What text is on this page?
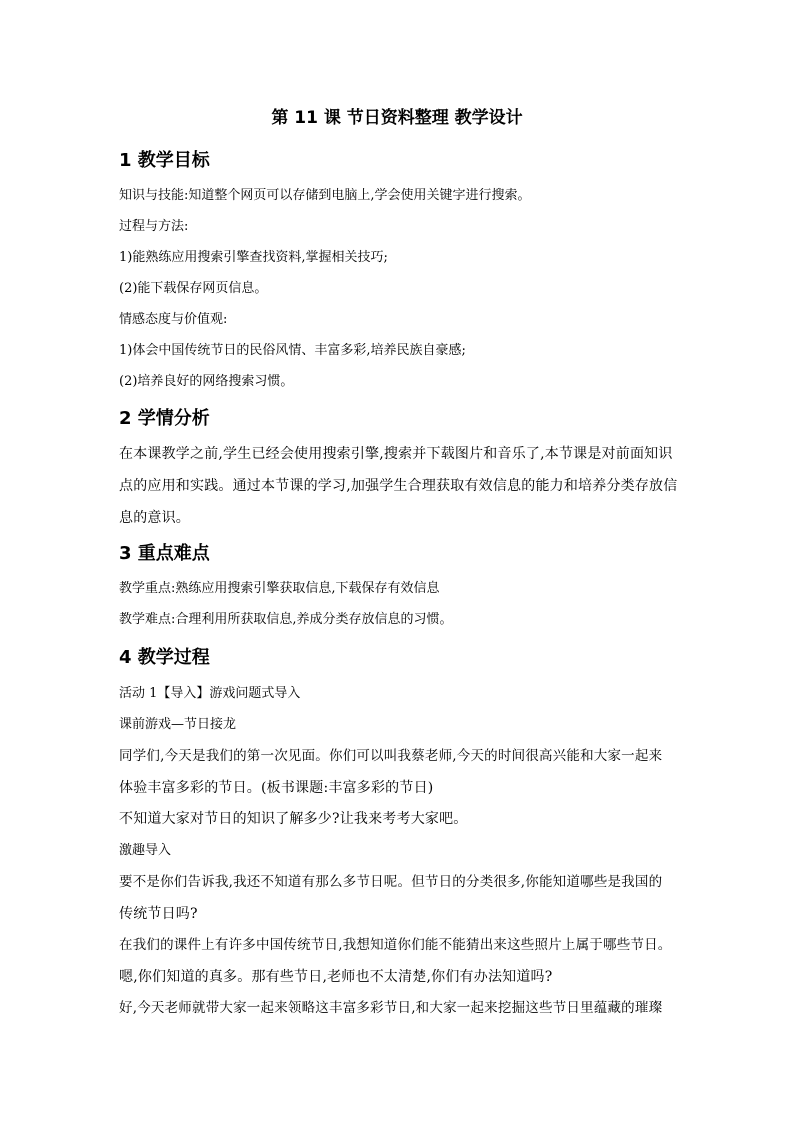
第 11 课 节日资料整理 教学设计
1 教学目标

知识与技能:知道整个网页可以存储到电脑上,学会使用关键字进行搜索。

过程与方法:

1)能熟练应用搜索引擎查找资料,掌握相关技巧;

(2)能下载保存网页信息。

情感态度与价值观:

1)体会中国传统节日的民俗风情、丰富多彩,培养民族自豪感;

(2)培养良好的网络搜索习惯。

2 学情分析

在本课教学之前,学生已经会使用搜索引擎,搜索并下载图片和音乐了,本节课是对前面知识

点的应用和实践。通过本节课的学习,加强学生合理获取有效信息的能力和培养分类存放信

息的意识。

3 重点难点

教学重点:熟练应用搜索引擎获取信息,下载保存有效信息

教学难点:合理利用所获取信息,养成分类存放信息的习惯。

4 教学过程

活动 1【导入】游戏问题式导入

课前游戏—节日接龙

同学们,今天是我们的第一次见面。你们可以叫我蔡老师,今天的时间很高兴能和大家一起来

体验丰富多彩的节日。(板书课题:丰富多彩的节日)

不知道大家对节日的知识了解多少?让我来考考大家吧。

激趣导入

要不是你们告诉我,我还不知道有那么多节日呢。但节日的分类很多,你能知道哪些是我国的

传统节日吗?

在我们的课件上有许多中国传统节日,我想知道你们能不能猜出来这些照片上属于哪些节日。

嗯,你们知道的真多。那有些节日,老师也不太清楚,你们有办法知道吗?

好,今天老师就带大家一起来领略这丰富多彩节日,和大家一起来挖掘这些节日里蕴藏的璀璨
